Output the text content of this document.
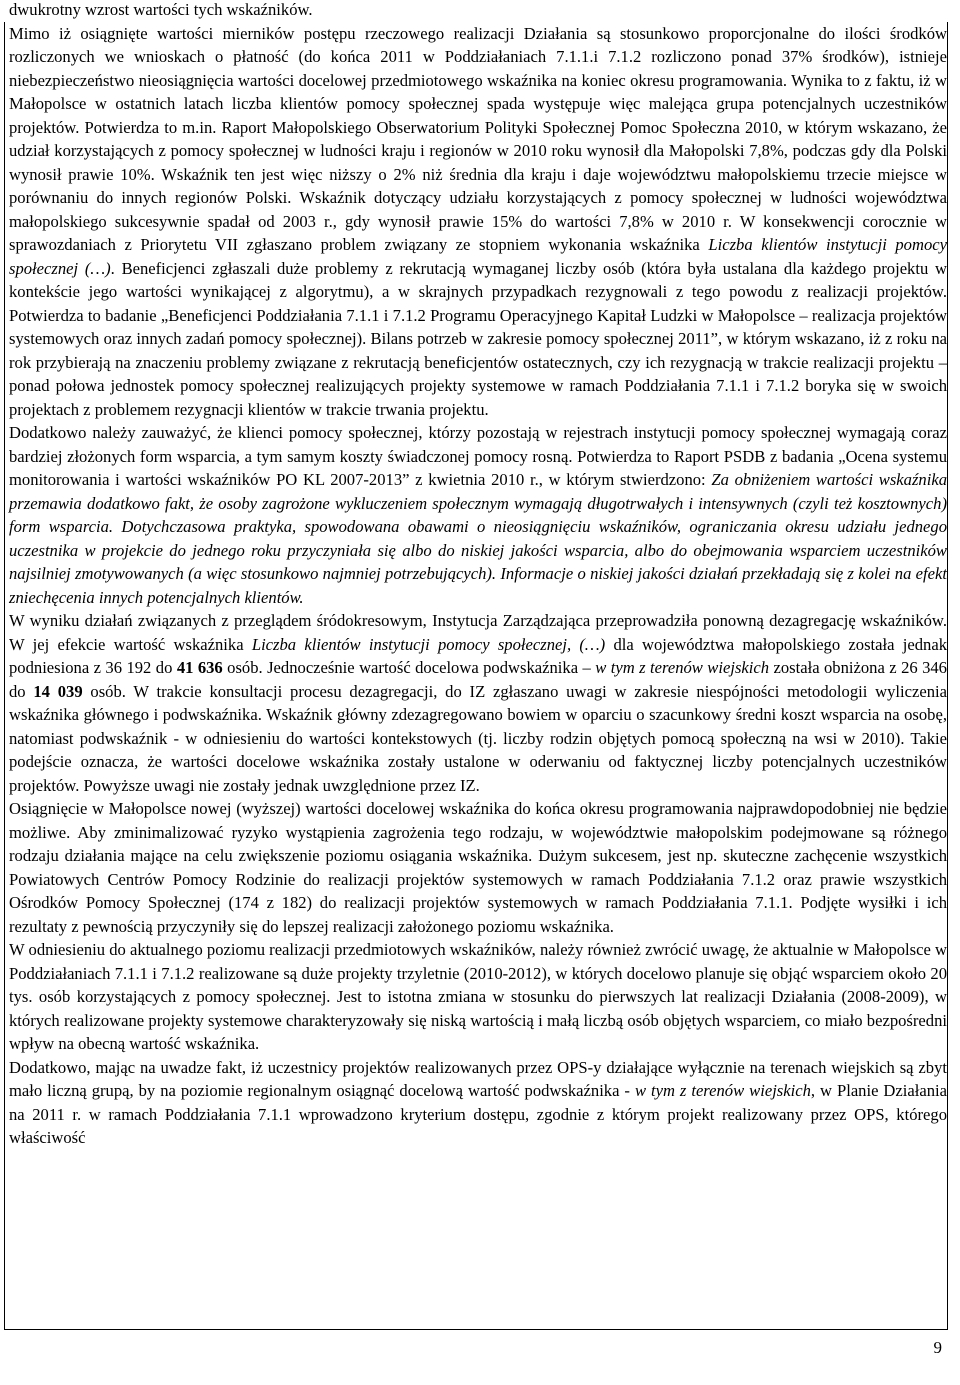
dwukrotny wzrost wartości tych wskaźników.

Mimo iż osiągnięte wartości mierników postępu rzeczowego realizacji Działania są stosunkowo proporcjonalne do ilości środków rozliczonych we wnioskach o płatność (do końca 2011 w Poddziałaniach 7.1.1.i 7.1.2 rozliczono ponad 37% środków), istnieje niebezpieczeństwo nieosiągnięcia wartości docelowej przedmiotowego wskaźnika na koniec okresu programowania. Wynika to z faktu, iż w Małopolsce w ostatnich latach liczba klientów pomocy społecznej spada występuje więc malejąca grupa potencjalnych uczestników projektów. Potwierdza to m.in. Raport Małopolskiego Obserwatorium Polityki Społecznej Pomoc Społeczna 2010, w którym wskazano, że udział korzystających z pomocy społecznej w ludności kraju i regionów w 2010 roku wynosił dla Małopolski 7,8%, podczas gdy dla Polski wynosił prawie 10%. Wskaźnik ten jest więc niższy o 2% niż średnia dla kraju i daje województwu małopolskiemu trzecie miejsce w porównaniu do innych regionów Polski. Wskaźnik dotyczący udziału korzystających z pomocy społecznej w ludności województwa małopolskiego sukcesywnie spadał od 2003 r., gdy wynosił prawie 15% do wartości 7,8% w 2010 r. W konsekwencji corocznie w sprawozdaniach z Priorytetu VII zgłaszano problem związany ze stopniem wykonania wskaźnika Liczba klientów instytucji pomocy społecznej (…). Beneficjenci zgłaszali duże problemy z rekrutacją wymaganej liczby osób (która była ustalana dla każdego projektu w kontekście jego wartości wynikającej z algorytmu), a w skrajnych przypadkach rezygnowali z tego powodu z realizacji projektów. Potwierdza to badanie „Beneficjenci Poddziałania 7.1.1 i 7.1.2 Programu Operacyjnego Kapitał Ludzki w Małopolsce – realizacja projektów systemowych oraz innych zadań pomocy społecznej). Bilans potrzeb w zakresie pomocy społecznej 2011”, w którym wskazano, iż z roku na rok przybierają na znaczeniu problemy związane z rekrutacją beneficjentów ostatecznych, czy ich rezygnacją w trakcie realizacji projektu – ponad połowa jednostek pomocy społecznej realizujących projekty systemowe w ramach Poddziałania 7.1.1 i 7.1.2 boryka się w swoich projektach z problemem rezygnacji klientów w trakcie trwania projektu.

Dodatkowo należy zauważyć, że klienci pomocy społecznej, którzy pozostają w rejestrach instytucji pomocy społecznej wymagają coraz bardziej złożonych form wsparcia, a tym samym koszty świadczonej pomocy rosną. Potwierdza to Raport PSDB z badania „Ocena systemu monitorowania i wartości wskaźników PO KL 2007-2013” z kwietnia 2010 r., w którym stwierdzono: Za obniżeniem wartości wskaźnika przemawia dodatkowo fakt, że osoby zagrożone wykluczeniem społecznym wymagają długotrwałych i intensywnych (czyli też kosztownych) form wsparcia. Dotychczasowa praktyka, spowodowana obawami o nieosiągnięciu wskaźników, ograniczania okresu udziału jednego uczestnika w projekcie do jednego roku przyczyniała się albo do niskiej jakości wsparcia, albo do obejmowania wsparciem uczestników najsilniej zmotywowanych (a więc stosunkowo najmniej potrzebujących). Informacje o niskiej jakości działań przekładają się z kolei na efekt zniechęcenia innych potencjalnych klientów.

W wyniku działań związanych z przeglądem śródokresowym, Instytucja Zarządzająca przeprowadziła ponowną dezagregację wskaźników. W jej efekcie wartość wskaźnika Liczba klientów instytucji pomocy społecznej, (…) dla województwa małopolskiego została jednak podniesiona z 36 192 do 41 636 osób. Jednocześnie wartość docelowa podwskaźnika – w tym z terenów wiejskich została obniżona z 26 346 do 14 039 osób. W trakcie konsultacji procesu dezagregacji, do IZ zgłaszano uwagi w zakresie niespójności metodologii wyliczenia wskaźnika głównego i podwskaźnika. Wskaźnik główny zdezagregowano bowiem w oparciu o szacunkowy średni koszt wsparcia na osobę, natomiast podwskaźnik - w odniesieniu do wartości kontekstowych (tj. liczby rodzin objętych pomocą społeczną na wsi w 2010). Takie podejście oznacza, że wartości docelowe wskaźnika zostały ustalone w oderwaniu od faktycznej liczby potencjalnych uczestników projektów. Powyższe uwagi nie zostały jednak uwzględnione przez IZ.

Osiągnięcie w Małopolsce nowej (wyższej) wartości docelowej wskaźnika do końca okresu programowania najprawdopodobniej nie będzie możliwe. Aby zminimalizować ryzyko wystąpienia zagrożenia tego rodzaju, w województwie małopolskim podejmowane są różnego rodzaju działania mające na celu zwiększenie poziomu osiągania wskaźnika. Dużym sukcesem, jest np. skuteczne zachęcenie wszystkich Powiatowych Centrów Pomocy Rodzinie do realizacji projektów systemowych w ramach Poddziałania 7.1.2 oraz prawie wszystkich Ośrodków Pomocy Społecznej (174 z 182) do realizacji projektów systemowych w ramach Poddziałania 7.1.1. Podjęte wysiłki i ich rezultaty z pewnością przyczyniły się do lepszej realizacji założonego poziomu wskaźnika.

W odniesieniu do aktualnego poziomu realizacji przedmiotowych wskaźników, należy również zwrócić uwagę, że aktualnie w Małopolsce w Poddziałaniach 7.1.1 i 7.1.2 realizowane są duże projekty trzyletnie (2010-2012), w których docelowo planuje się objąć wsparciem około 20 tys. osób korzystających z pomocy społecznej. Jest to istotna zmiana w stosunku do pierwszych lat realizacji Działania (2008-2009), w których realizowane projekty systemowe charakteryzowały się niską wartością i małą liczbą osób objętych wsparciem, co miało bezpośredni wpływ na obecną wartość wskaźnika.

Dodatkowo, mając na uwadze fakt, iż uczestnicy projektów realizowanych przez OPS-y działające wyłącznie na terenach wiejskich są zbyt mało liczną grupą, by na poziomie regionalnym osiągnąć docelową wartość podwskaźnika - w tym z terenów wiejskich, w Planie Działania na 2011 r. w ramach Poddziałania 7.1.1 wprowadzono kryterium dostępu, zgodnie z którym projekt realizowany przez OPS, którego właściwość

9
